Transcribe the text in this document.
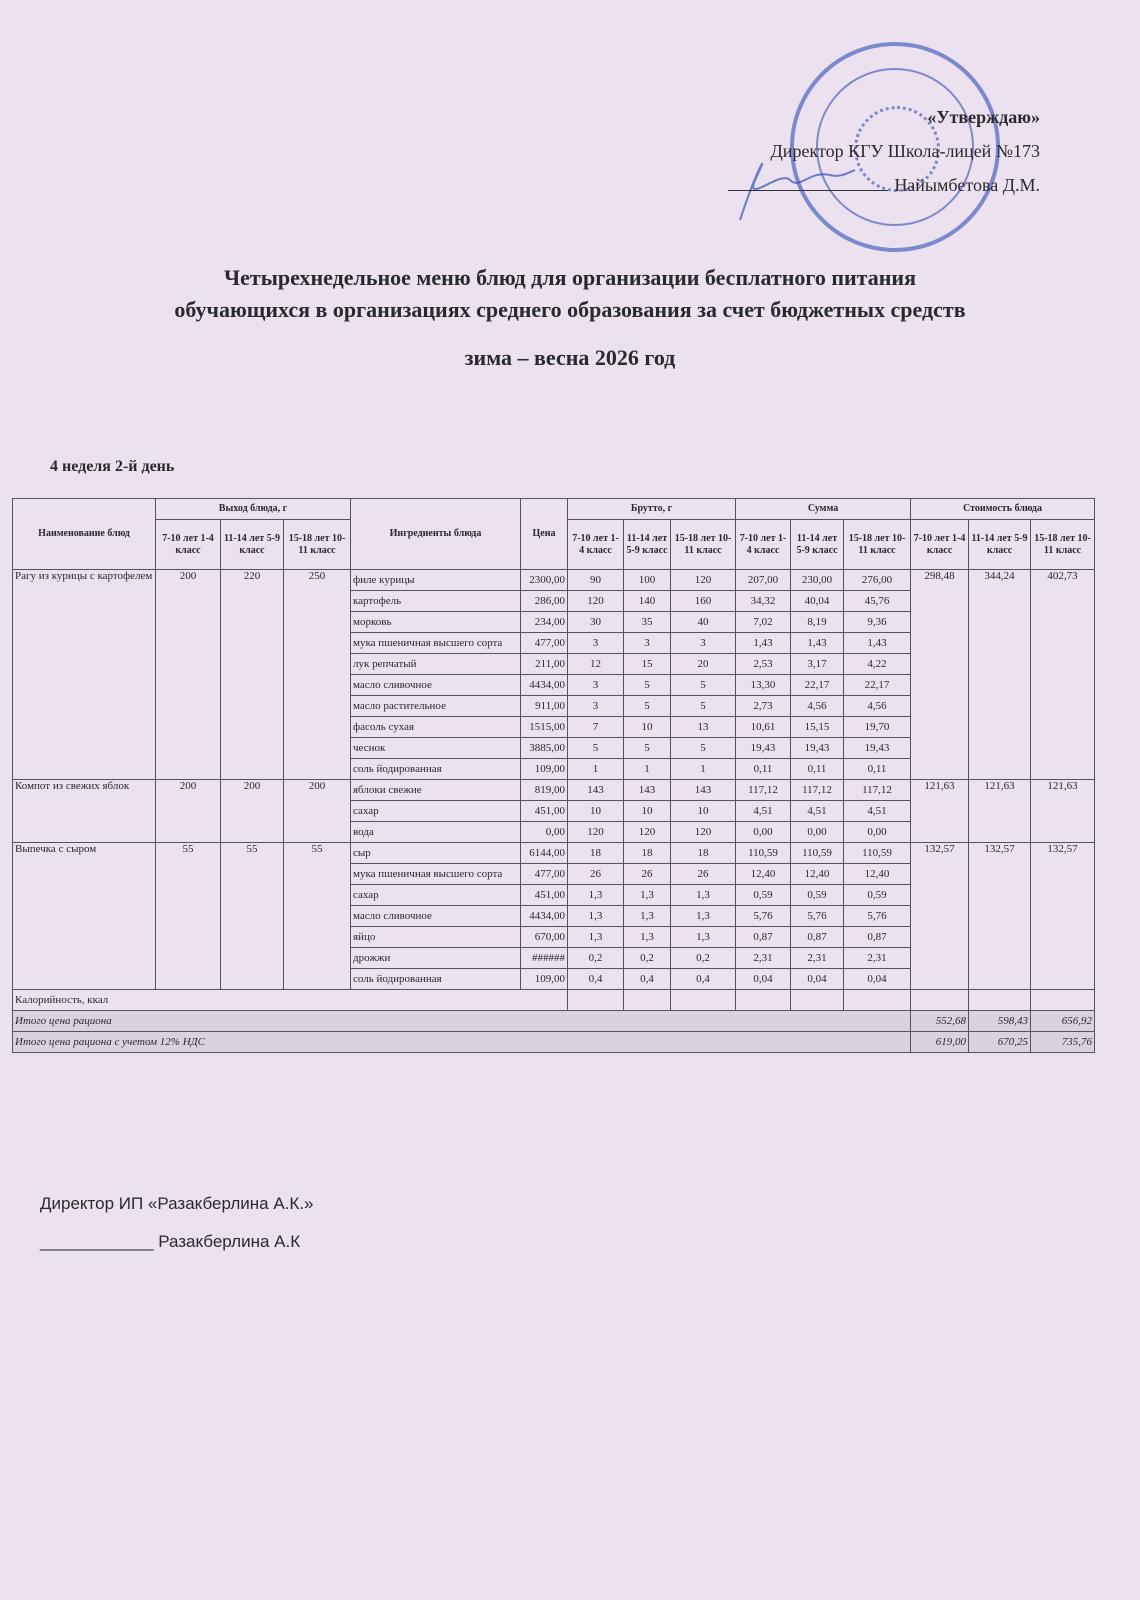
«Утверждаю»
Директор КГУ Школа-лицей №173
Найымбетова Д.М.
Четырехнедельное меню блюд для организации бесплатного питания
обучающихся в организациях среднего образования за счет бюджетных средств
зима – весна 2026 год
4 неделя 2-й день
Наименование блюд	Выход блюда, г			Ингредиенты блюда	Цена	Брутто, г			Сумма			Стоимость блюда		
	7-10 лет 1-4 класс	11-14 лет 5-9 класс	15-18 лет 10-11 класс			7-10 лет 1-4 класс	11-14 лет 5-9 класс	15-18 лет 10-11 класс	7-10 лет 1-4 класс	11-14 лет 5-9 класс	15-18 лет 10-11 класс	7-10 лет 1-4 класс	11-14 лет 5-9 класс	15-18 лет 10-11 класс
Рагу из курицы с картофелем	200	220	250	филе курицы	2300,00	90	100	120	207,00	230,00	276,00	298,48	344,24	402,73
				картофель	286,00	120	140	160	34,32	40,04	45,76			
				морковь	234,00	30	35	40	7,02	8,19	9,36			
				мука пшеничная высшего сорта	477,00	3	3	3	1,43	1,43	1,43			
				лук репчатый	211,00	12	15	20	2,53	3,17	4,22			
				масло сливочное	4434,00	3	5	5	13,30	22,17	22,17			
				масло растительное	911,00	3	5	5	2,73	4,56	4,56			
				фасоль сухая	1515,00	7	10	13	10,61	15,15	19,70			
				чеснок	3885,00	5	5	5	19,43	19,43	19,43			
				соль йодированная	109,00	1	1	1	0,11	0,11	0,11			
Компот из свежих яблок	200	200	200	яблоки свежие	819,00	143	143	143	117,12	117,12	117,12	121,63	121,63	121,63
				сахар	451,00	10	10	10	4,51	4,51	4,51			
				вода	0,00	120	120	120	0,00	0,00	0,00			
Выпечка с сыром	55	55	55	сыр	6144,00	18	18	18	110,59	110,59	110,59	132,57	132,57	132,57
				мука пшеничная высшего сорта	477,00	26	26	26	12,40	12,40	12,40			
				сахар	451,00	1,3	1,3	1,3	0,59	0,59	0,59			
				масло сливочное	4434,00	1,3	1,3	1,3	5,76	5,76	5,76			
				яйцо	670,00	1,3	1,3	1,3	0,87	0,87	0,87			
				дрожжи	######	0,2	0,2	0,2	2,31	2,31	2,31			
				соль йодированная	109,00	0,4	0,4	0,4	0,04	0,04	0,04			
Калорийность, ккал														
Итого цена рациона												552,68	598,43	656,92
Итого цена рациона с учетом 12% НДС												619,00	670,25	735,76
Директор ИП «Разакберлина А.К.»
____________ Разакберлина А.К
